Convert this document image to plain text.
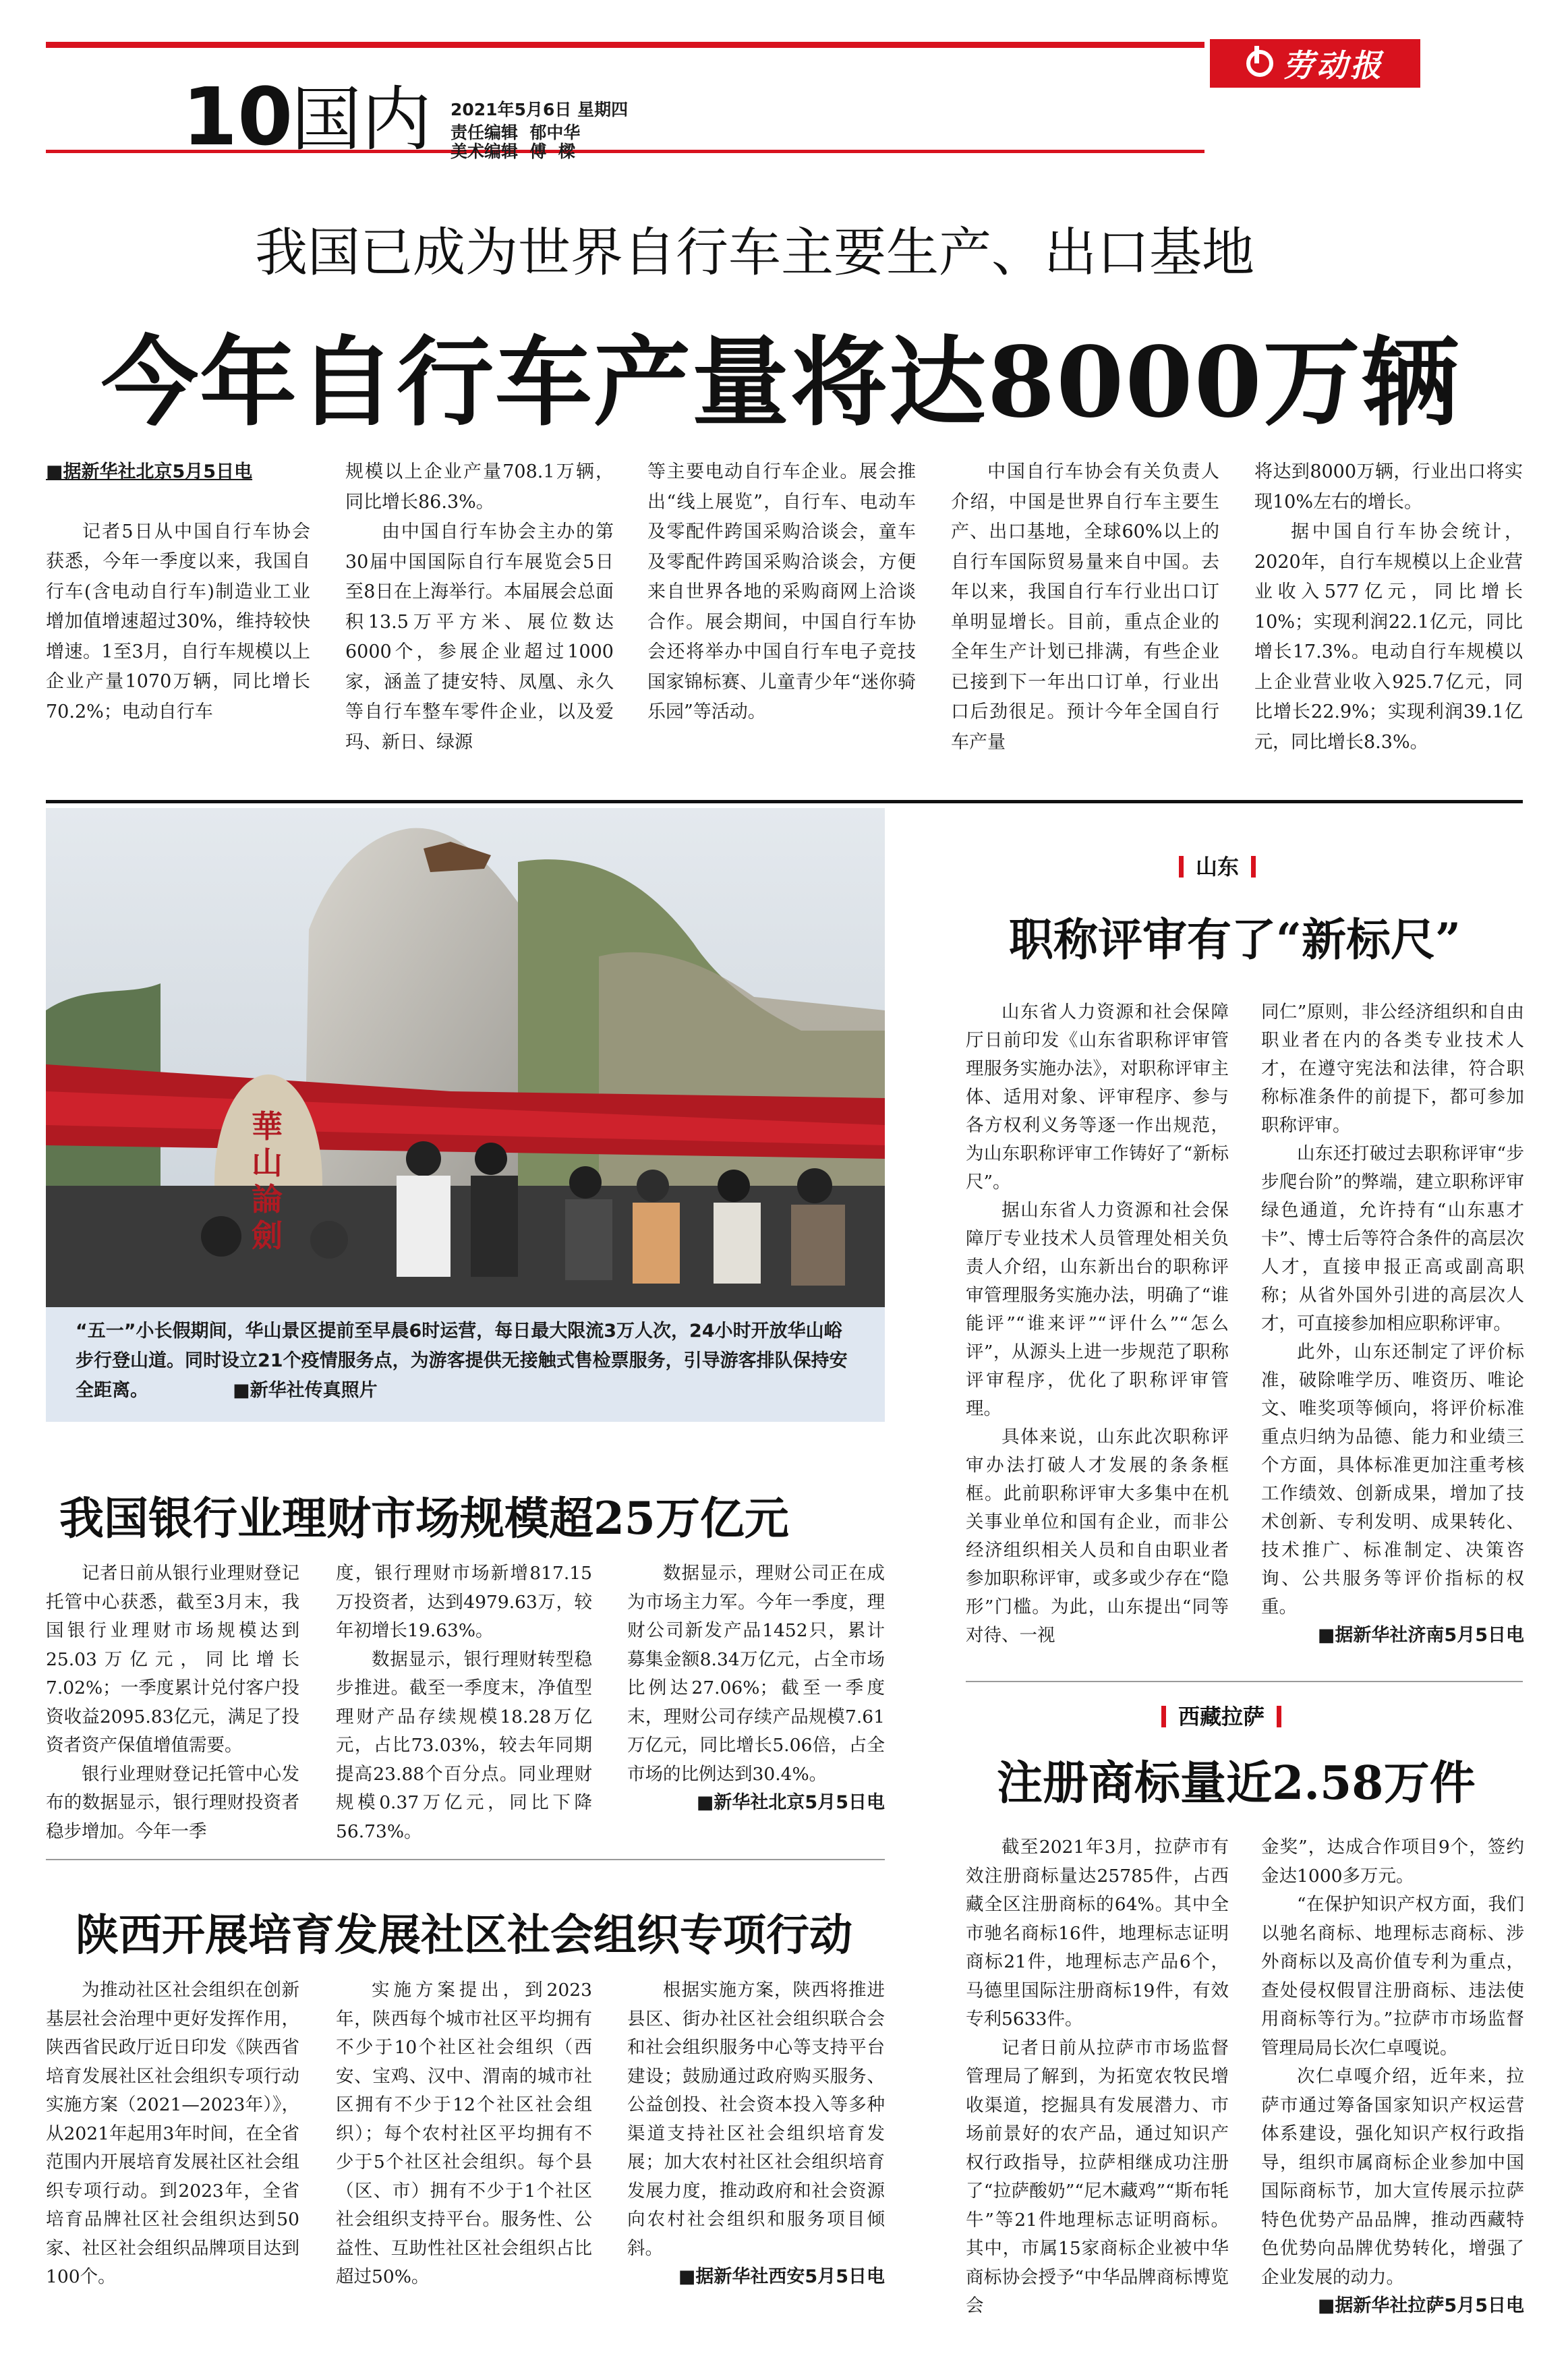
劳动报
10
国内 2021年5月6日 星期四
责任编辑  郁中华
美术编辑  傅  樑
我国已成为世界自行车主要生产、出口基地
今年自行车产量将达8000万辆

■据新华社北京5月5日电

记者5日从中国自行车协会获悉，今年一季度以来，我国自行车(含电动自行车)制造业工业增加值增速超过30%，维持较快增速。1至3月，自行车规模以上企业产量1070万辆，同比增长70.2%；电动自行车

规模以上企业产量708.1万辆，同比增长86.3%。

由中国自行车协会主办的第30届中国国际自行车展览会5日至8日在上海举行。本届展会总面积13.5万平方米、展位数达6000个，参展企业超过1000家，涵盖了捷安特、凤凰、永久等自行车整车零件企业，以及爱玛、新日、绿源

等主要电动自行车企业。展会推出“线上展览”，自行车、电动车及零配件跨国采购洽谈会，童车及零配件跨国采购洽谈会，方便来自世界各地的采购商网上洽谈合作。展会期间，中国自行车协会还将举办中国自行车电子竞技国家锦标赛、儿童青少年“迷你骑乐园”等活动。

中国自行车协会有关负责人介绍，中国是世界自行车主要生产、出口基地，全球60%以上的自行车国际贸易量来自中国。去年以来，我国自行车行业出口订单明显增长。目前，重点企业的全年生产计划已排满，有些企业已接到下一年出口订单，行业出口后劲很足。预计今年全国自行车产量

将达到8000万辆，行业出口将实现10%左右的增长。

据中国自行车协会统计，2020年，自行车规模以上企业营业收入577亿元，同比增长10%；实现利润22.1亿元，同比增长17.3%。电动自行车规模以上企业营业收入925.7亿元，同比增长22.9%；实现利润39.1亿元，同比增长8.3%。

華山論劍
“五一”小长假期间，华山景区提前至早晨6时运营，每日最大限流3万人次，24小时开放华山峪步行登山道。同时设立21个疫情服务点，为游客提供无接触式售检票服务，引导游客排队保持安全距离。	■新华社传真照片
山东
职称评审有了“新标尺”

山东省人力资源和社会保障厅日前印发《山东省职称评审管理服务实施办法》，对职称评审主体、适用对象、评审程序、参与各方权利义务等逐一作出规范，为山东职称评审工作铸好了“新标尺”。

据山东省人力资源和社会保障厅专业技术人员管理处相关负责人介绍，山东新出台的职称评审管理服务实施办法，明确了“谁能评”“谁来评”“评什么”“怎么评”，从源头上进一步规范了职称评审程序，优化了职称评审管理。

具体来说，山东此次职称评审办法打破人才发展的条条框框。此前职称评审大多集中在机关事业单位和国有企业，而非公经济组织相关人员和自由职业者参加职称评审，或多或少存在“隐形”门槛。为此，山东提出“同等对待、一视

同仁”原则，非公经济组织和自由职业者在内的各类专业技术人才，在遵守宪法和法律，符合职称标准条件的前提下，都可参加职称评审。

山东还打破过去职称评审“步步爬台阶”的弊端，建立职称评审绿色通道，允许持有“山东惠才卡”、博士后等符合条件的高层次人才，直接申报正高或副高职称；从省外国外引进的高层次人才，可直接参加相应职称评审。

此外，山东还制定了评价标准，破除唯学历、唯资历、唯论文、唯奖项等倾向，将评价标准重点归纳为品德、能力和业绩三个方面，具体标准更加注重考核工作绩效、创新成果，增加了技术创新、专利发明、成果转化、技术推广、标准制定、决策咨询、公共服务等评价指标的权重。

■据新华社济南5月5日电

我国银行业理财市场规模超25万亿元

记者日前从银行业理财登记托管中心获悉，截至3月末，我国银行业理财市场规模达到25.03万亿元，同比增长7.02%；一季度累计兑付客户投资收益2095.83亿元，满足了投资者资产保值增值需要。

银行业理财登记托管中心发布的数据显示，银行理财投资者稳步增加。今年一季

度，银行理财市场新增817.15万投资者，达到4979.63万，较年初增长19.63%。

数据显示，银行理财转型稳步推进。截至一季度末，净值型理财产品存续规模18.28万亿元，占比73.03%，较去年同期提高23.88个百分点。同业理财规模0.37万亿元，同比下降56.73%。

数据显示，理财公司正在成为市场主力军。今年一季度，理财公司新发产品1452只，累计募集金额8.34万亿元，占全市场比例达27.06%；截至一季度末，理财公司存续产品规模7.61万亿元，同比增长5.06倍，占全市场的比例达到30.4%。

■新华社北京5月5日电

陕西开展培育发展社区社会组织专项行动

为推动社区社会组织在创新基层社会治理中更好发挥作用，陕西省民政厅近日印发《陕西省培育发展社区社会组织专项行动实施方案（2021—2023年）》，从2021年起用3年时间，在全省范围内开展培育发展社区社会组织专项行动。到2023年，全省培育品牌社区社会组织达到50家、社区社会组织品牌项目达到100个。

实施方案提出，到2023年，陕西每个城市社区平均拥有不少于10个社区社会组织（西安、宝鸡、汉中、渭南的城市社区拥有不少于12个社区社会组织）；每个农村社区平均拥有不少于5个社区社会组织。每个县（区、市）拥有不少于1个社区社会组织支持平台。服务性、公益性、互助性社区社会组织占比超过50%。

根据实施方案，陕西将推进县区、街办社区社会组织联合会和社会组织服务中心等支持平台建设；鼓励通过政府购买服务、公益创投、社会资本投入等多种渠道支持社区社会组织培育发展；加大农村社区社会组织培育发展力度，推动政府和社会资源向农村社会组织和服务项目倾斜。

■据新华社西安5月5日电

西藏拉萨
注册商标量近2.58万件

截至2021年3月，拉萨市有效注册商标量达25785件，占西藏全区注册商标的64%。其中全市驰名商标16件，地理标志证明商标21件，地理标志产品6个，马德里国际注册商标19件，有效专利5633件。

记者日前从拉萨市市场监督管理局了解到，为拓宽农牧民增收渠道，挖掘具有发展潜力、市场前景好的农产品，通过知识产权行政指导，拉萨相继成功注册了“拉萨酸奶”“尼木藏鸡”“斯布牦牛”等21件地理标志证明商标。其中，市属15家商标企业被中华商标协会授予“中华品牌商标博览会

金奖”，达成合作项目9个，签约金达1000多万元。

“在保护知识产权方面，我们以驰名商标、地理标志商标、涉外商标以及高价值专利为重点，查处侵权假冒注册商标、违法使用商标等行为。”拉萨市市场监督管理局局长次仁卓嘎说。

次仁卓嘎介绍，近年来，拉萨市通过筹备国家知识产权运营体系建设，强化知识产权行政指导，组织市属商标企业参加中国国际商标节，加大宣传展示拉萨特色优势产品品牌，推动西藏特色优势向品牌优势转化，增强了企业发展的动力。

■据新华社拉萨5月5日电
